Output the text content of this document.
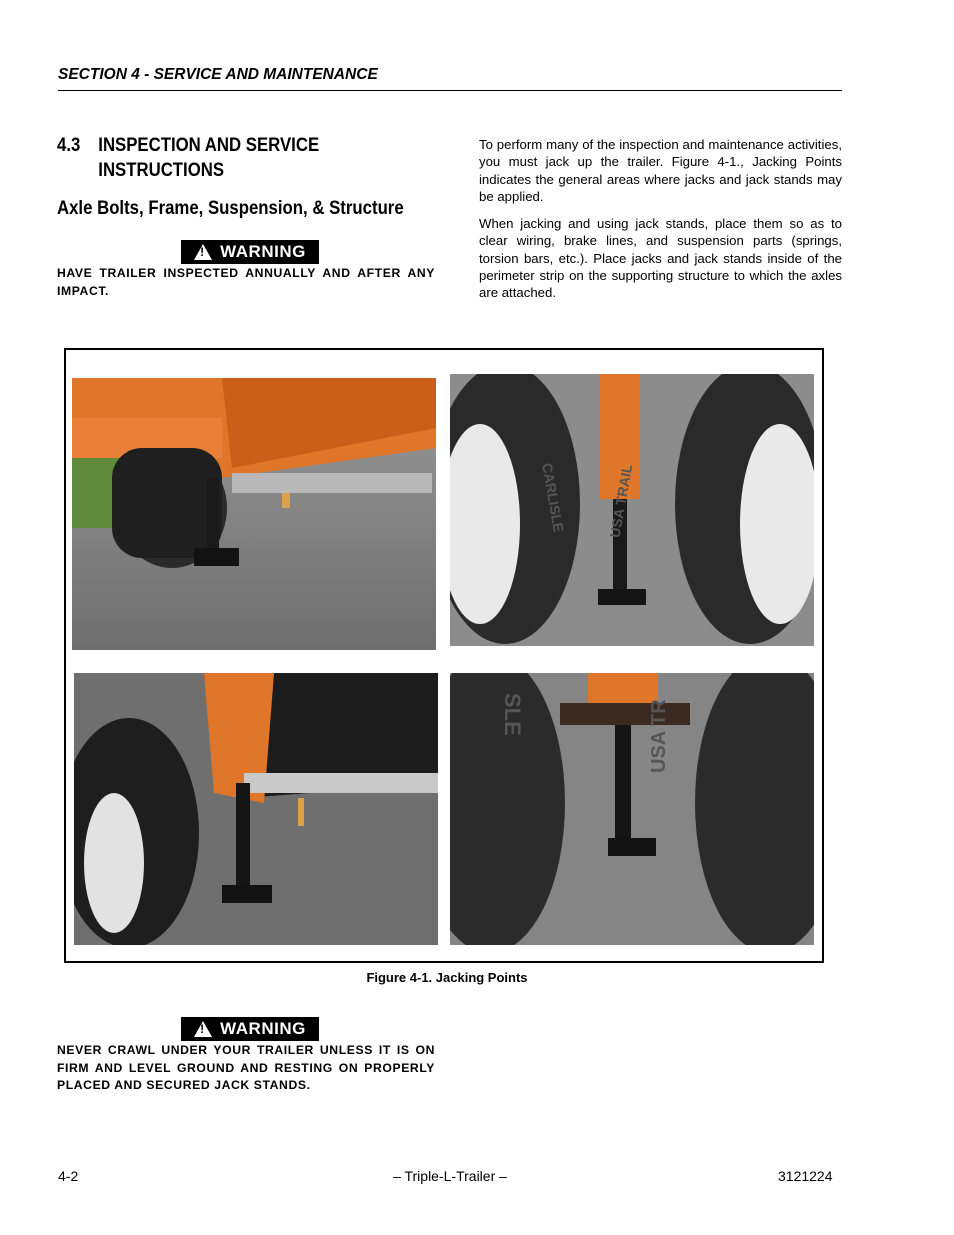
SECTION 4 - SERVICE AND MAINTENANCE
4.3 INSPECTION AND SERVICE
INSTRUCTIONS
Axle Bolts, Frame, Suspension, & Structure
!
WARNING
HAVE TRAILER INSPECTED ANNUALLY AND AFTER ANY IMPACT.

To perform many of the inspection and maintenance activities, you must jack up the trailer. Figure 4-1., Jacking Points indicates the general areas where jacks and jack stands may be applied.

When jacking and using jack stands, place them so as to clear wiring, brake lines, and suspension parts (springs, torsion bars, etc.). Place jacks and jack stands inside of the perimeter strip on the supporting structure to which the axles are attached.

CARLISLE	USA TRAIL
SLE	USA TR
Figure 4-1. Jacking Points
!
WARNING
NEVER CRAWL UNDER YOUR TRAILER UNLESS IT IS ON FIRM AND LEVEL GROUND AND RESTING ON PROPERLY PLACED AND SECURED JACK STANDS.
4-2	– Triple-L-Trailer –	3121224
